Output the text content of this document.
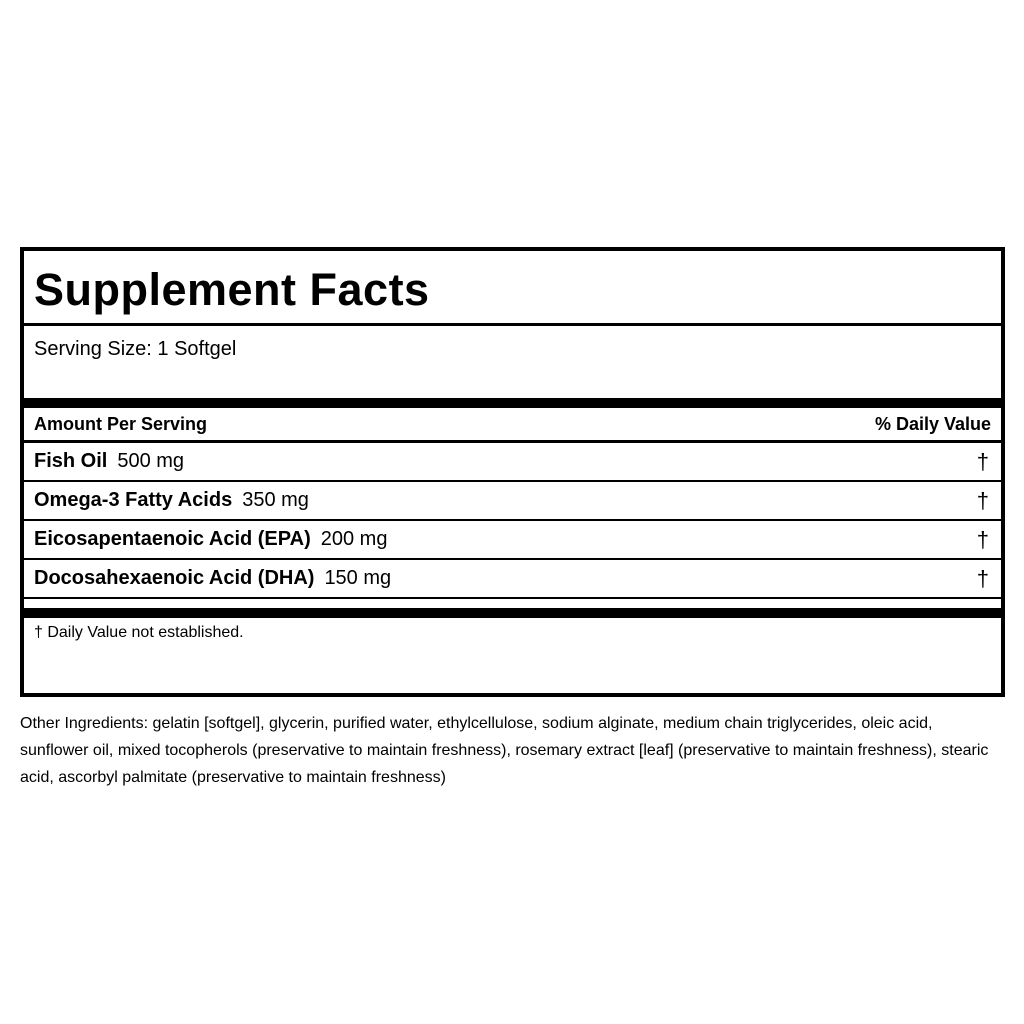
Supplement Facts
Serving Size: 1 Softgel
Amount Per Serving	% Daily Value
Fish Oil 500 mg	†
Omega-3 Fatty Acids 350 mg	†
Eicosapentaenoic Acid (EPA) 200 mg	†
Docosahexaenoic Acid (DHA) 150 mg	†
† Daily Value not established.
Other Ingredients: gelatin [softgel], glycerin, purified water, ethylcellulose, sodium alginate, medium chain triglycerides, oleic acid, sunflower oil, mixed tocopherols (preservative to maintain freshness), rosemary extract [leaf] (preservative to maintain freshness), stearic acid, ascorbyl palmitate (preservative to maintain freshness)
